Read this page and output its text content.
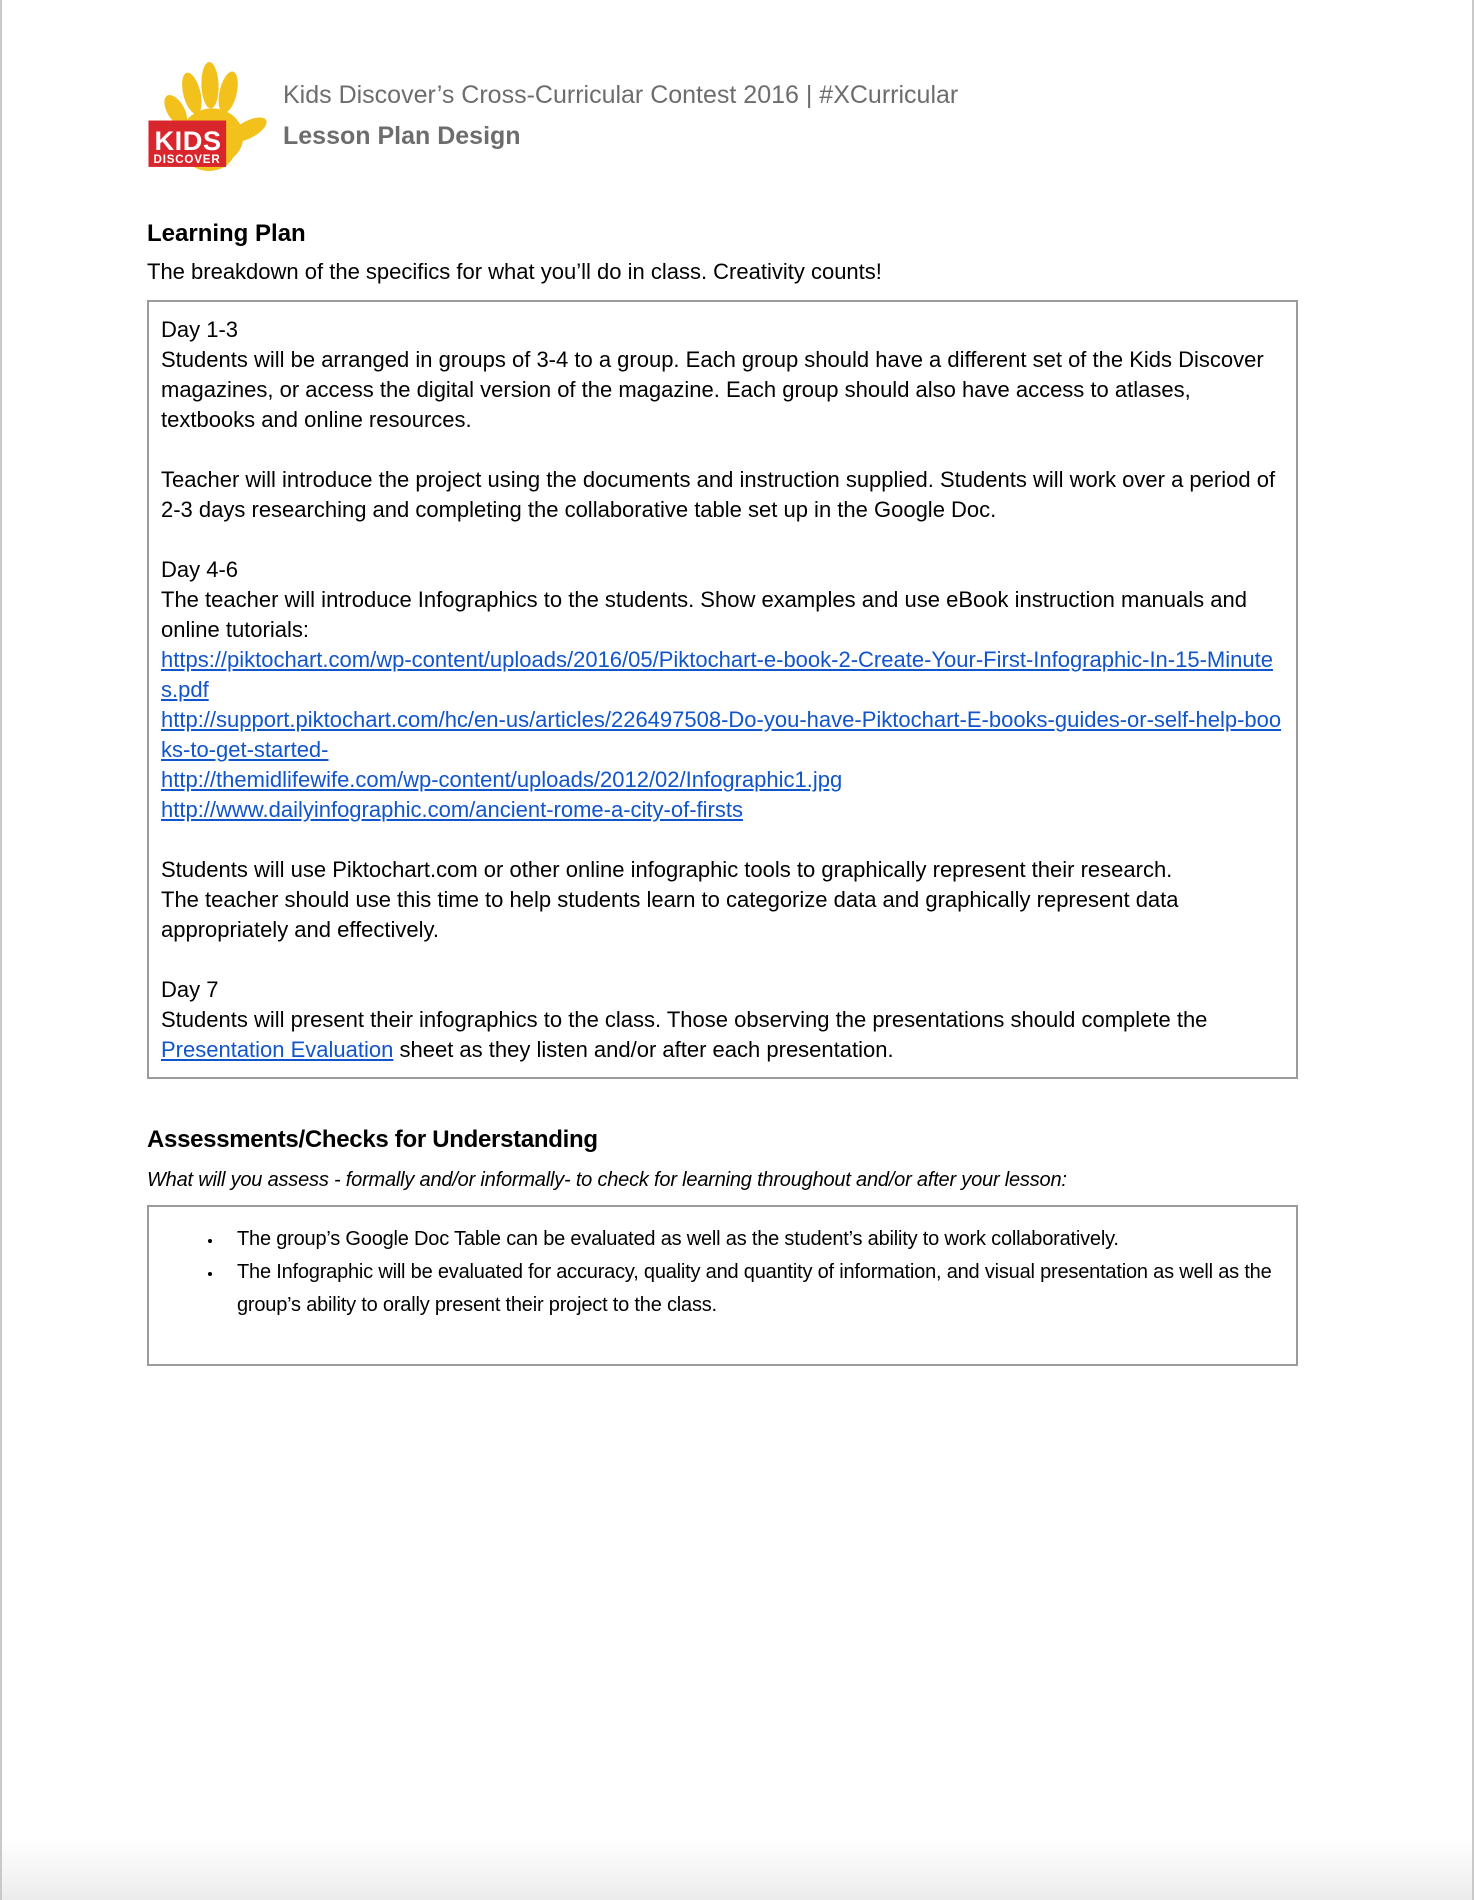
KIDS
DISCOVER
Kids Discover’s Cross-Curricular Contest 2016 | #XCurricular
Lesson Plan Design
Learning Plan
The breakdown of the specifics for what you’ll do in class. Creativity counts!
Day 1-3

Students will be arranged in groups of 3-4 to a group. Each group should have a different set of the Kids Discover magazines, or access the digital version of the magazine. Each group should also have access to atlases, textbooks and online resources.

Teacher will introduce the project using the documents and instruction supplied. Students will work over a period of 2-3 days researching and completing the collaborative table set up in the Google Doc.

Day 4-6

The teacher will introduce Infographics to the students. Show examples and use eBook instruction manuals and online tutorials:

https://piktochart.com/wp-content/uploads/2016/05/Piktochart-e-book-2-Create-Your-First-Infographic-In-15-Minutes.pdf
http://support.piktochart.com/hc/en-us/articles/226497508-Do-you-have-Piktochart-E-books-guides-or-self-help-books-to-get-started-
http://themidlifewife.com/wp-content/uploads/2012/02/Infographic1.jpg
http://www.dailyinfographic.com/ancient-rome-a-city-of-firsts

Students will use Piktochart.com or other online infographic tools to graphically represent their research.

The teacher should use this time to help students learn to categorize data and graphically represent data appropriately and effectively.

Day 7

Students will present their infographics to the class. Those observing the presentations should complete the Presentation Evaluation sheet as they listen and/or after each presentation.

Assessments/Checks for Understanding
What will you assess - formally and/or informally- to check for learning throughout and/or after your lesson:
• The group’s Google Doc Table can be evaluated as well as the student’s ability to work collaboratively.
• The Infographic will be evaluated for accuracy, quality and quantity of information, and visual presentation as well as the group’s ability to orally present their project to the class.
